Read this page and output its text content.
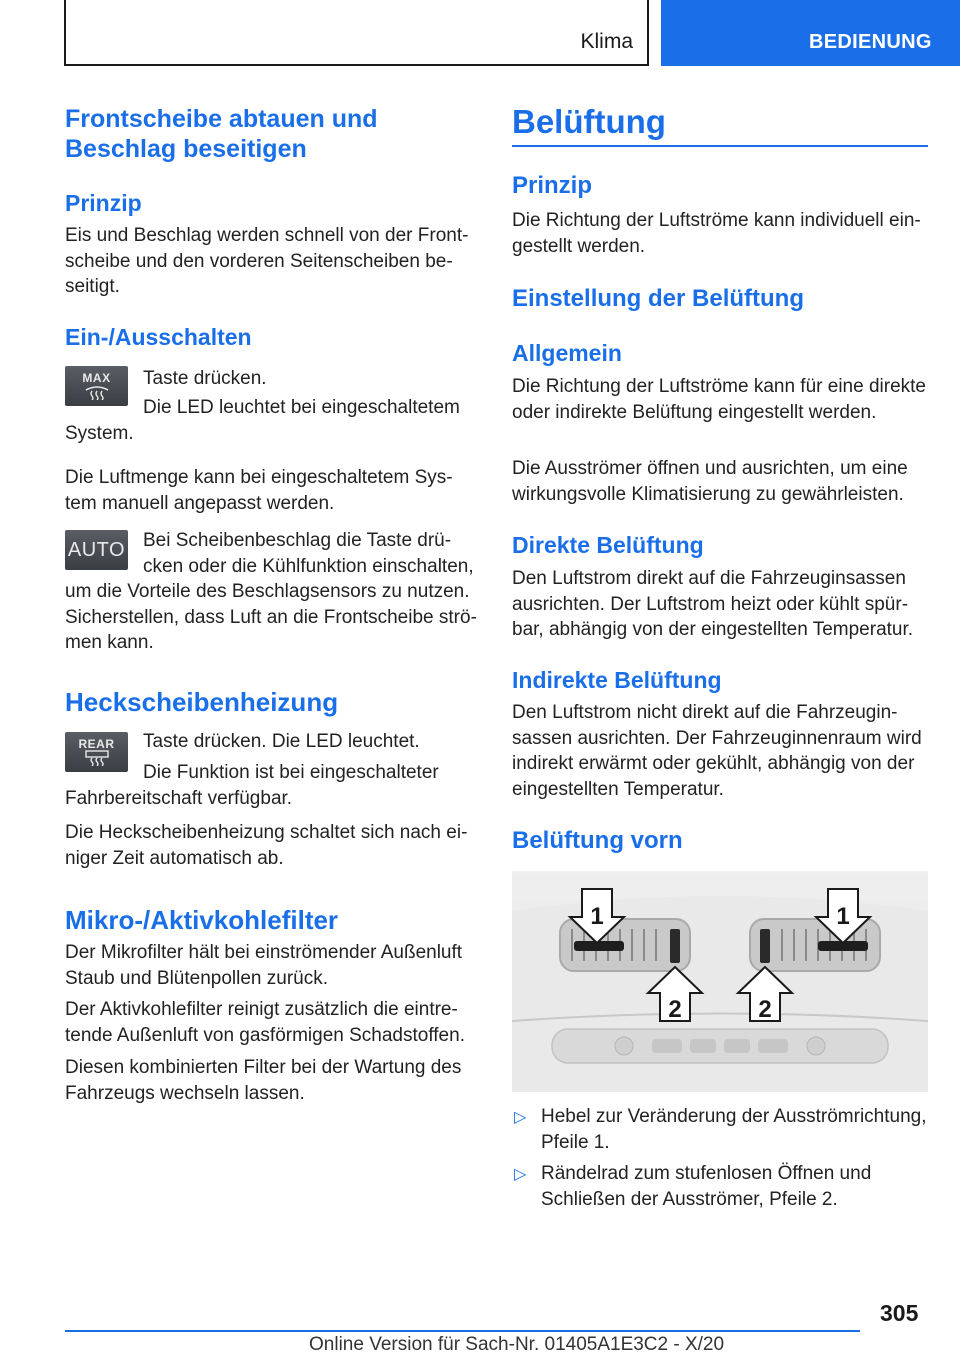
Klima	BEDIENUNG
Frontscheibe abtauen und Beschlag beseitigen
Prinzip
Eis und Beschlag werden schnell von der Frontscheibe und den vorderen Seitenscheiben beseitigt.
Ein-/Ausschalten
MAX Taste drücken.
Die LED leuchtet bei eingeschaltetem System.
Die Luftmenge kann bei eingeschaltetem System manuell angepasst werden.
AUTO Bei Scheibenbeschlag die Taste drücken oder die Kühlfunktion einschalten, um die Vorteile des Beschlagsensors zu nutzen. Sicherstellen, dass Luft an die Frontscheibe strömen kann.
Heckscheibenheizung
REAR Taste drücken. Die LED leuchtet.
Die Funktion ist bei eingeschalteter Fahrbereitschaft verfügbar.
Die Heckscheibenheizung schaltet sich nach einiger Zeit automatisch ab.
Mikro-/Aktivkohlefilter
Der Mikrofilter hält bei einströmender Außenluft Staub und Blütenpollen zurück.
Der Aktivkohlefilter reinigt zusätzlich die eintretende Außenluft von gasförmigen Schadstoffen.
Diesen kombinierten Filter bei der Wartung des Fahrzeugs wechseln lassen.
Belüftung
Prinzip
Die Richtung der Luftströme kann individuell eingestellt werden.
Einstellung der Belüftung
Allgemein
Die Richtung der Luftströme kann für eine direkte oder indirekte Belüftung eingestellt werden.
Die Ausströmer öffnen und ausrichten, um eine wirkungsvolle Klimatisierung zu gewährleisten.
Direkte Belüftung
Den Luftstrom direkt auf die Fahrzeuginsassen ausrichten. Der Luftstrom heizt oder kühlt spürbar, abhängig von der eingestellten Temperatur.
Indirekte Belüftung
Den Luftstrom nicht direkt auf die Fahrzeuginsassen ausrichten. Der Fahrzeuginnenraum wird indirekt erwärmt oder gekühlt, abhängig von der eingestellten Temperatur.
Belüftung vorn
1	1
2	2
▷ Hebel zur Veränderung der Ausströmrichtung, Pfeile 1.
▷ Rändelrad zum stufenlosen Öffnen und Schließen der Ausströmer, Pfeile 2.
305
Online Version für Sach-Nr. 01405A1E3C2 - X/20
